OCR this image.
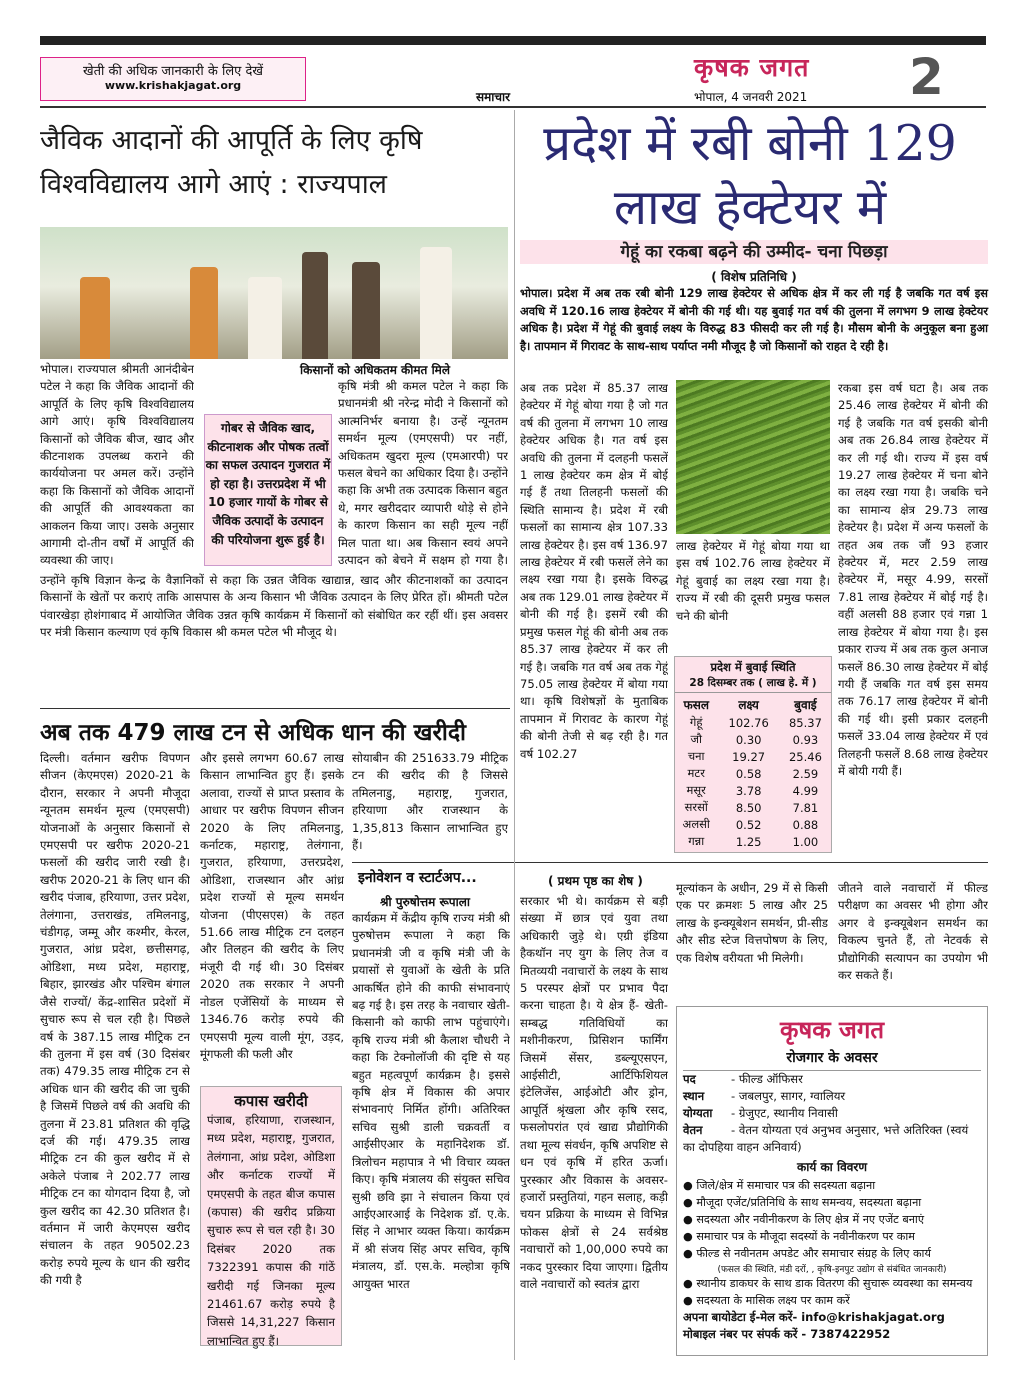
खेती की अधिक जानकारी के लिए देखें
www.krishakjagat.org
समाचार
कृषक जगत
भोपाल, 4 जनवरी 2021 2
जैविक आदानों की आपूर्ति के लिए कृषि विश्वविद्यालय आगे आएं : राज्यपाल
भोपाल। राज्यपाल श्रीमती आनंदीबेन पटेल ने कहा कि जैविक आदानों की आपूर्ति के लिए कृषि विश्वविद्यालय आगे आएं। कृषि विश्वविद्यालय किसानों को जैविक बीज, खाद और कीटनाशक उपलब्ध कराने की कार्ययोजना पर अमल करें। उन्होंने कहा कि किसानों को जैविक आदानों की आपूर्ति की आवश्यकता का आकलन किया जाए। उसके अनुसार आगामी दो-तीन वर्षों में आपूर्ति की व्यवस्था की जाए।
गोबर से जैविक खाद, कीटनाशक और पोषक तत्वों का सफल उत्पादन गुजरात में हो रहा है। उत्तरप्रदेश में भी 10 हजार गायों के गोबर से जैविक उत्पादों के उत्पादन की परियोजना शुरू हुई है।
किसानों को अधिकतम कीमत मिले
कृषि मंत्री श्री कमल पटेल ने कहा कि प्रधानमंत्री श्री नरेन्द्र मोदी ने किसानों को आत्मनिर्भर बनाया है। उन्हें न्यूनतम समर्थन मूल्य (एमएसपी) पर नहीं, अधिकतम खुदरा मूल्य (एमआरपी) पर फसल बेचने का अधिकार दिया है। उन्होंने कहा कि अभी तक उत्पादक किसान बहुत थे, मगर खरीददार व्यापारी थोड़े से होने के कारण किसान का सही मूल्य नहीं मिल पाता था। अब किसान स्वयं अपने उत्पादन को बेचने में सक्षम हो गया है।
उन्होंने कृषि विज्ञान केन्द्र के वैज्ञानिकों से कहा कि उन्नत जैविक खाद्यान्न, खाद और कीटनाशकों का उत्पादन किसानों के खेतों पर कराएं ताकि आसपास के अन्य किसान भी जैविक उत्पादन के लिए प्रेरित हों। श्रीमती पटेल पंवारखेड़ा होशंगाबाद में आयोजित जैविक उन्नत कृषि कार्यक्रम में किसानों को संबोधित कर रहीं थीं। इस अवसर पर मंत्री किसान कल्याण एवं कृषि विकास श्री कमल पटेल भी मौजूद थे।
प्रदेश में रबी बोनी 129 लाख हेक्टेयर में
गेहूं का रकबा बढ़ने की उम्मीद- चना पिछड़ा
( विशेष प्रतिनिधि )
भोपाल। प्रदेश में अब तक रबी बोनी 129 लाख हेक्टेयर से अधिक क्षेत्र में कर ली गई है जबकि गत वर्ष इस अवधि में 120.16 लाख हेक्टेयर में बोनी की गई थी। यह बुवाई गत वर्ष की तुलना में लगभग 9 लाख हेक्टेयर अधिक है। प्रदेश में गेहूं की बुवाई लक्ष्य के विरुद्ध 83 फीसदी कर ली गई है। मौसम बोनी के अनुकूल बना हुआ है। तापमान में गिरावट के साथ-साथ पर्याप्त नमी मौजूद है जो किसानों को राहत दे रही है।
अब तक प्रदेश में 85.37 लाख हेक्टेयर में गेहूं बोया गया है जो गत वर्ष की तुलना में लगभग 10 लाख हेक्टेयर अधिक है। गत वर्ष इस अवधि की तुलना में दलहनी फसलें 1 लाख हेक्टेयर कम क्षेत्र में बोई गई हैं तथा तिलहनी फसलों की स्थिति सामान्य है। प्रदेश में रबी फसलों का सामान्य क्षेत्र 107.33 लाख हेक्टेयर है। इस वर्ष 136.97 लाख हेक्टेयर में रबी फसलें लेने का लक्ष्य रखा गया है। इसके विरुद्ध अब तक 129.01 लाख हेक्टेयर में बोनी की गई है। इसमें रबी की प्रमुख फसल गेहूं की बोनी अब तक 85.37 लाख हेक्टेयर में कर ली गई है। जबकि गत वर्ष अब तक गेहूं 75.05 लाख हेक्टेयर में बोया गया था। कृषि विशेषज्ञों के मुताबिक तापमान में गिरावट के कारण गेहूं की बोनी तेजी से बढ़ रही है। गत वर्ष 102.27
लाख हेक्टेयर में गेहूं बोया गया था इस वर्ष 102.76 लाख हेक्टेयर में गेहूं बुवाई का लक्ष्य रखा गया है। राज्य में रबी की दूसरी प्रमुख फसल चने की बोनी
रकबा इस वर्ष घटा है। अब तक 25.46 लाख हेक्टेयर में बोनी की गई है जबकि गत वर्ष इसकी बोनी अब तक 26.84 लाख हेक्टेयर में कर ली गई थी। राज्य में इस वर्ष 19.27 लाख हेक्टेयर में चना बोने का लक्ष्य रखा गया है। जबकि चने का सामान्य क्षेत्र 29.73 लाख हेक्टेयर है। प्रदेश में अन्य फसलों के तहत अब तक जौं 93 हजार हेक्टेयर में, मटर 2.59 लाख हेक्टेयर में, मसूर 4.99, सरसों 7.81 लाख हेक्टेयर में बोई गई है। वहीं अलसी 88 हजार एवं गन्ना 1 लाख हेक्टेयर में बोया गया है। इस प्रकार राज्य में अब तक कुल अनाज फसलें 86.30 लाख हेक्टेयर में बोई गयी हैं जबकि गत वर्ष इस समय तक 76.17 लाख हेक्टेयर में बोनी की गई थी। इसी प्रकार दलहनी फसलें 33.04 लाख हेक्टेयर में एवं तिलहनी फसलें 8.68 लाख हेक्टेयर में बोयी गयी हैं।
प्रदेश में बुवाई स्थिति
28 दिसम्बर तक ( लाख हे. में )
फसल	लक्ष्य	बुवाई
गेहूं	102.76	85.37
जौ	0.30	0.93
चना	19.27	25.46
मटर	0.58	2.59
मसूर	3.78	4.99
सरसों	8.50	7.81
अलसी	0.52	0.88
गन्ना	1.25	1.00
अब तक 479 लाख टन से अधिक धान की खरीदी
दिल्ली। वर्तमान खरीफ विपणन सीजन (केएमएस) 2020-21 के दौरान, सरकार ने अपनी मौजूदा न्यूनतम समर्थन मूल्य (एमएसपी) योजनाओं के अनुसार किसानों से एमएसपी पर खरीफ 2020-21 फसलों की खरीद जारी रखी है। खरीफ 2020-21 के लिए धान की खरीद पंजाब, हरियाणा, उत्तर प्रदेश, तेलंगाना, उत्तराखंड, तमिलनाडु, चंडीगढ़, जम्मू और कश्मीर, केरल, गुजरात, आंध्र प्रदेश, छत्तीसगढ़, ओडिशा, मध्य प्रदेश, महाराष्ट्र, बिहार, झारखंड और पश्चिम बंगाल जैसे राज्यों/ केंद्र-शासित प्रदेशों में सुचारु रूप से चल रही है। पिछले वर्ष के 387.15 लाख मीट्रिक टन की तुलना में इस वर्ष (30 दिसंबर तक) 479.35 लाख मीट्रिक टन से अधिक धान की खरीद की जा चुकी है जिसमें पिछले वर्ष की अवधि की तुलना में 23.81 प्रतिशत की वृद्धि दर्ज की गई। 479.35 लाख मीट्रिक टन की कुल खरीद में से अकेले पंजाब ने 202.77 लाख मीट्रिक टन का योगदान दिया है, जो कुल खरीद का 42.30 प्रतिशत है। वर्तमान में जारी केएमएस खरीद संचालन के तहत 90502.23 करोड़ रुपये मूल्य के धान की खरीद की गयी है
और इससे लगभग 60.67 लाख किसान लाभान्वित हुए हैं। इसके अलावा, राज्यों से प्राप्त प्रस्ताव के आधार पर खरीफ विपणन सीजन 2020 के लिए तमिलनाडु, कर्नाटक, महाराष्ट्र, तेलंगाना, गुजरात, हरियाणा, उत्तरप्रदेश, ओडिशा, राजस्थान और आंध्र प्रदेश राज्यों से मूल्य समर्थन योजना (पीएसएस) के तहत 51.66 लाख मीट्रिक टन दलहन और तिलहन की खरीद के लिए मंजूरी दी गई थी। 30 दिसंबर 2020 तक सरकार ने अपनी नोडल एजेंसियों के माध्यम से 1346.76 करोड़ रुपये की एमएसपी मूल्य वाली मूंग, उड़द, मूंगफली की फली और
सोयाबीन की 251633.79 मीट्रिक टन की खरीद की है जिससे तमिलनाडु, महाराष्ट्र, गुजरात, हरियाणा और राजस्थान के 1,35,813 किसान लाभान्वित हुए हैं।
कपास खरीदी
पंजाब, हरियाणा, राजस्थान, मध्य प्रदेश, महाराष्ट्र, गुजरात, तेलंगाना, आंध्र प्रदेश, ओडिशा और कर्नाटक राज्यों में एमएसपी के तहत बीज कपास (कपास) की खरीद प्रक्रिया सुचारु रूप से चल रही है। 30 दिसंबर 2020 तक 7322391 कपास की गांठें खरीदी गई जिनका मूल्य 21461.67 करोड़ रुपये है जिससे 14,31,227 किसान लाभान्वित हुए हैं।
इनोवेशन व स्टार्टअप...	( प्रथम पृष्ठ का शेष )
श्री पुरुषोत्तम रूपाला
कार्यक्रम में केंद्रीय कृषि राज्य मंत्री श्री पुरुषोत्तम रूपाला ने कहा कि प्रधानमंत्री जी व कृषि मंत्री जी के प्रयासों से युवाओं के खेती के प्रति आकर्षित होने की काफी संभावनाएं बढ़ गई है। इस तरह के नवाचार खेती-किसानी को काफी लाभ पहुंचाएंगे। कृषि राज्य मंत्री श्री कैलाश चौधरी ने कहा कि टेक्नोलॉजी की दृष्टि से यह बहुत महत्वपूर्ण कार्यक्रम है। इससे कृषि क्षेत्र में विकास की अपार संभावनाएं निर्मित होंगी। अतिरिक्त सचिव सुश्री डाली चक्रवर्ती व आईसीएआर के महानिदेशक डॉ. त्रिलोचन महापात्र ने भी विचार व्यक्त किए। कृषि मंत्रालय की संयुक्त सचिव सुश्री छवि झा ने संचालन किया एवं आईएआरआई के निदेशक डॉ. ए.के. सिंह ने आभार व्यक्त किया। कार्यक्रम में श्री संजय सिंह अपर सचिव, कृषि मंत्रालय, डॉ. एस.के. मल्होत्रा कृषि आयुक्त भारत
सरकार भी थे। कार्यक्रम से बड़ी संख्या में छात्र एवं युवा तथा अधिकारी जुड़े थे। एग्री इंडिया हैकथॉन नए युग के लिए तेज व मितव्ययी नवाचारों के लक्ष्य के साथ 5 परस्पर क्षेत्रों पर प्रभाव पैदा करना चाहता है। ये क्षेत्र हैं- खेती-सम्बद्ध गतिविधियों का मशीनीकरण, प्रिसिशन फार्मिंग जिसमें सेंसर, डब्ल्यूएसएन, आईसीटी, आर्टिफिशियल इंटेलिजेंस, आईओटी और ड्रोन, आपूर्ति श्रृंखला और कृषि रसद, फसलोपरांत एवं खाद्य प्रौद्योगिकी तथा मूल्य संवर्धन, कृषि अपशिष्ट से धन एवं कृषि में हरित ऊर्जा। पुरस्कार और विकास के अवसर- हजारों प्रस्तुतियां, गहन सलाह, कड़ी चयन प्रक्रिया के माध्यम से विभिन्न फोकस क्षेत्रों से 24 सर्वश्रेष्ठ नवाचारों को 1,00,000 रुपये का नकद पुरस्कार दिया जाएगा। द्वितीय वाले नवाचारों को स्वतंत्र द्वारा
मूल्यांकन के अधीन, 29 में से किसी एक पर क्रमशः 5 लाख और 25 लाख के इन्क्यूबेशन समर्थन, प्री-सीड और सीड स्टेज वित्तपोषण के लिए, एक विशेष वरीयता भी मिलेगी।
जीतने वाले नवाचारों में फील्ड परीक्षण का अवसर भी होगा और अगर वे इन्क्यूबेशन समर्थन का विकल्प चुनते हैं, तो नेटवर्क से प्रौद्योगिकी सत्यापन का उपयोग भी कर सकते हैं।
कृषक जगत
रोजगार के अवसर
पद	- फील्ड ऑफिसर
स्थान - जबलपुर, सागर, ग्वालियर
योग्यता - ग्रेजुएट, स्थानीय निवासी
वेतन - वेतन योग्यता एवं अनुभव अनुसार, भत्ते अतिरिक्त (स्वयं का दोपहिया वाहन अनिवार्य)
कार्य का विवरण
● जिले/क्षेत्र में समाचार पत्र की सदस्यता बढ़ाना
● मौजूदा एजेंट/प्रतिनिधि के साथ समन्वय, सदस्यता बढ़ाना
● सदस्यता और नवीनीकरण के लिए क्षेत्र में नए एजेंट बनाएं
● समाचार पत्र के मौजूदा सदस्यों के नवीनीकरण पर काम
● फील्ड से नवीनतम अपडेट और समाचार संग्रह के लिए कार्य
(फसल की स्थिति, मंडी दरों, , कृषि-इनपुट उद्योग से संबंधित जानकारी)
● स्थानीय डाकघर के साथ डाक वितरण की सुचारू व्यवस्था का समन्वय
● सदस्यता के मासिक लक्ष्य पर काम करें
अपना बायोडेटा ई-मेल करें- info@krishakjagat.org
मोबाइल नंबर पर संपर्क करें - 7387422952
